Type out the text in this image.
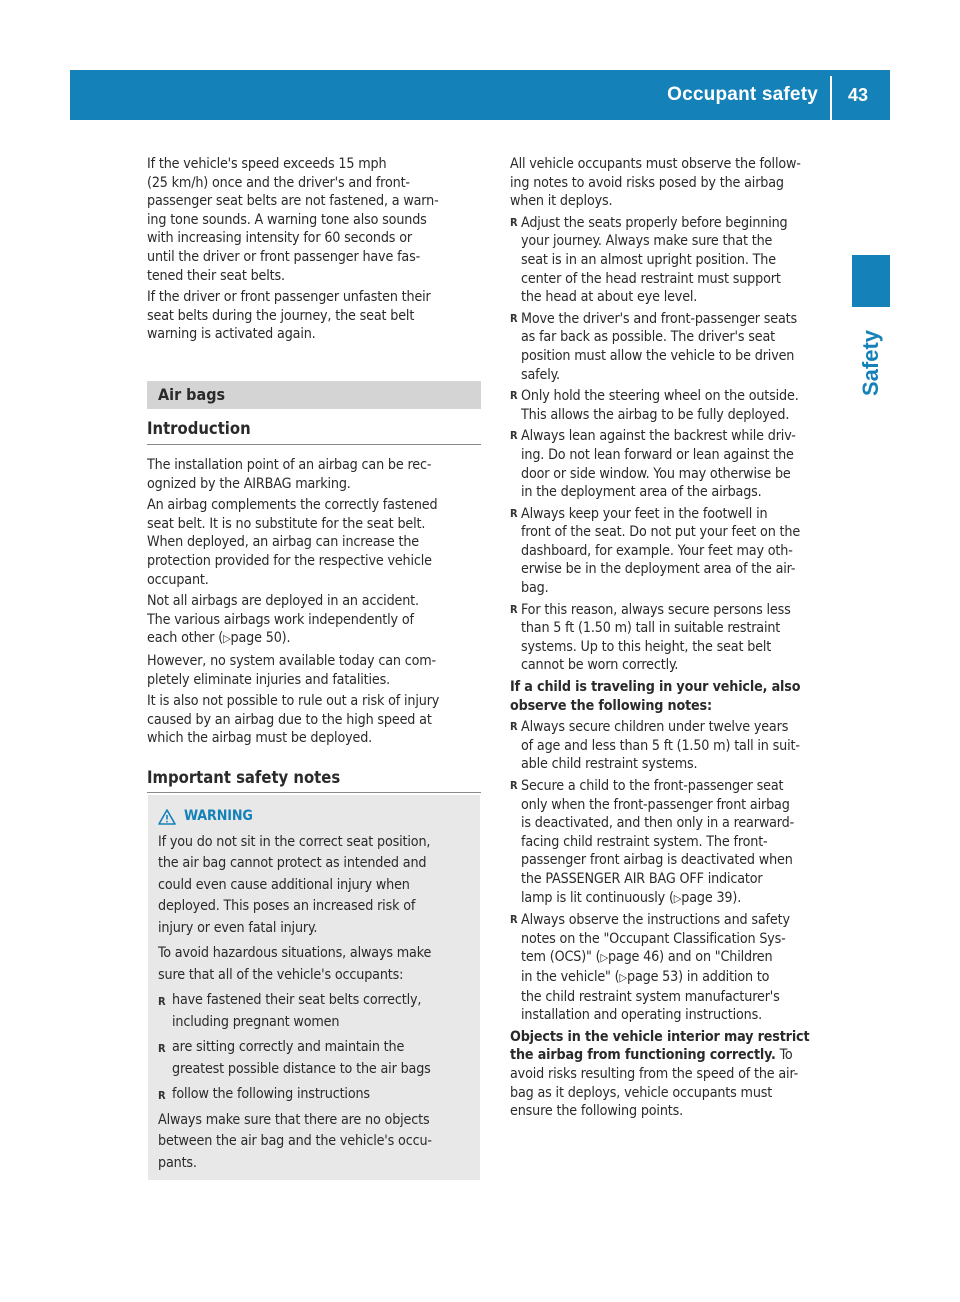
Occupant safety 43
Safety

If the vehicle's speed exceeds 15 mph
(25 km/h) once and the driver's and front-
passenger seat belts are not fastened, a warn-
ing tone sounds. A warning tone also sounds
with increasing intensity for 60 seconds or
until the driver or front passenger have fas-
tened their seat belts.

If the driver or front passenger unfasten their
seat belts during the journey, the seat belt
warning is activated again.

Air bags
Introduction

The installation point of an airbag can be rec-
ognized by the AIRBAG marking.

An airbag complements the correctly fastened
seat belt. It is no substitute for the seat belt.
When deployed, an airbag can increase the
protection provided for the respective vehicle
occupant.

Not all airbags are deployed in an accident.
The various airbags work independently of
each other (▷page 50).

However, no system available today can com-
pletely eliminate injuries and fatalities.

It is also not possible to rule out a risk of injury
caused by an airbag due to the high speed at
which the airbag must be deployed.

Important safety notes
WARNING

If you do not sit in the correct seat position,
the air bag cannot protect as intended and
could even cause additional injury when
deployed. This poses an increased risk of
injury or even fatal injury.

To avoid hazardous situations, always make
sure that all of the vehicle's occupants:

R have fastened their seat belts correctly,
including pregnant women
R are sitting correctly and maintain the
greatest possible distance to the air bags
R follow the following instructions

Always make sure that there are no objects
between the air bag and the vehicle's occu-
pants.

All vehicle occupants must observe the follow-
ing notes to avoid risks posed by the airbag
when it deploys.

R Adjust the seats properly before beginning
your journey. Always make sure that the
seat is in an almost upright position. The
center of the head restraint must support
the head at about eye level.
R Move the driver's and front-passenger seats
as far back as possible. The driver's seat
position must allow the vehicle to be driven
safely.
R Only hold the steering wheel on the outside.
This allows the airbag to be fully deployed.
R Always lean against the backrest while driv-
ing. Do not lean forward or lean against the
door or side window. You may otherwise be
in the deployment area of the airbags.
R Always keep your feet in the footwell in
front of the seat. Do not put your feet on the
dashboard, for example. Your feet may oth-
erwise be in the deployment area of the air-
bag.
R For this reason, always secure persons less
than 5 ft (1.50 m) tall in suitable restraint
systems. Up to this height, the seat belt
cannot be worn correctly.

If a child is traveling in your vehicle, also
observe the following notes:

R Always secure children under twelve years
of age and less than 5 ft (1.50 m) tall in suit-
able child restraint systems.
R Secure a child to the front-passenger seat
only when the front-passenger front airbag
is deactivated, and then only in a rearward-
facing child restraint system. The front-
passenger front airbag is deactivated when
the PASSENGER AIR BAG OFF indicator
lamp is lit continuously (▷page 39).
R Always observe the instructions and safety
notes on the "Occupant Classification Sys-
tem (OCS)" (▷page 46) and on "Children
in the vehicle" (▷page 53) in addition to
the child restraint system manufacturer's
installation and operating instructions.

Objects in the vehicle interior may restrict
the airbag from functioning correctly. To
avoid risks resulting from the speed of the air-
bag as it deploys, vehicle occupants must
ensure the following points.
